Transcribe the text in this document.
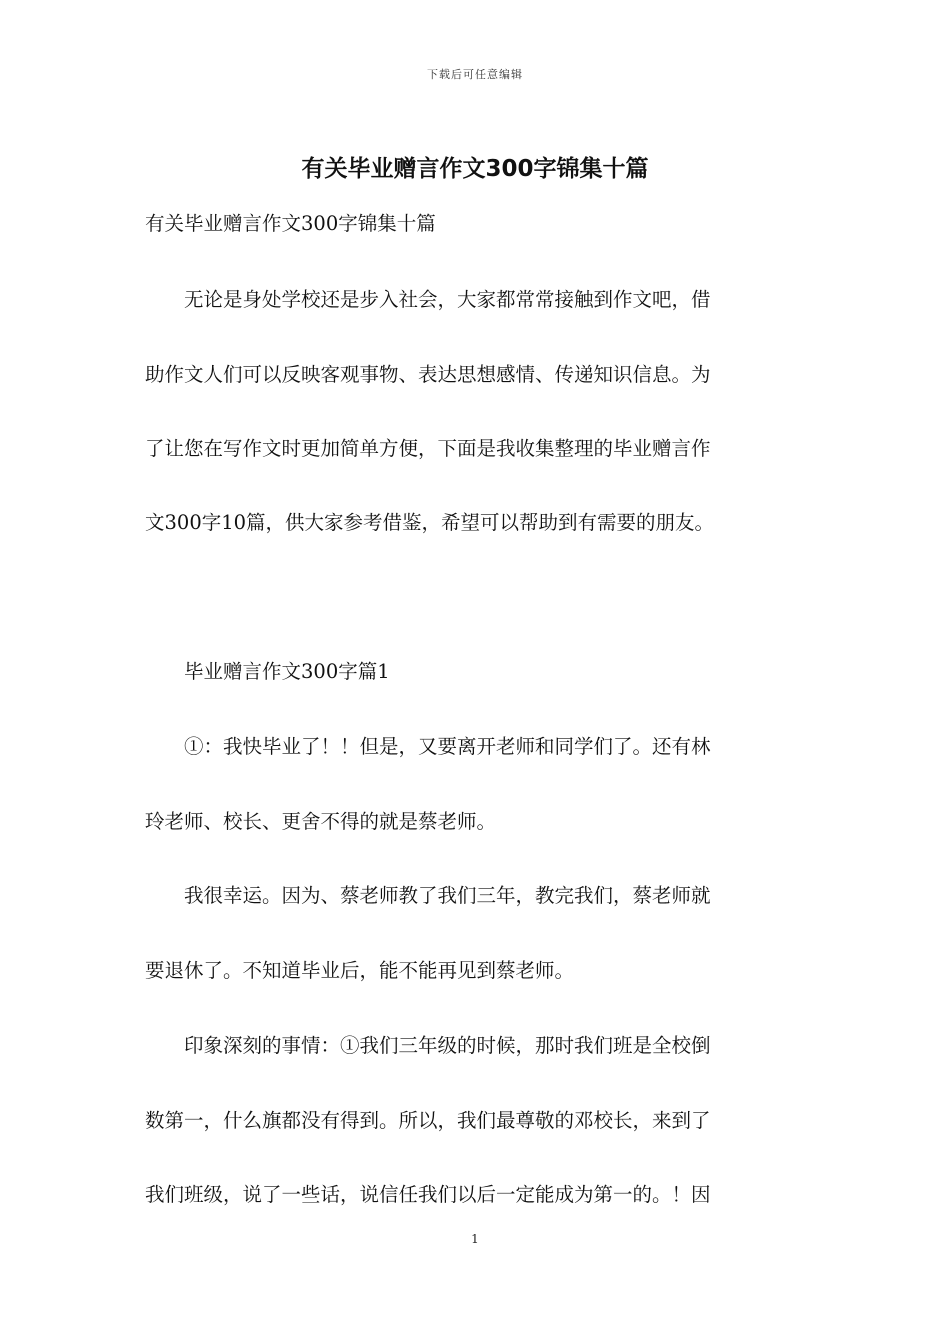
下载后可任意编辑
有关毕业赠言作文300字锦集十篇

有关毕业赠言作文300字锦集十篇

　　无论是身处学校还是步入社会，大家都常常接触到作文吧，借

助作文人们可以反映客观事物、表达思想感情、传递知识信息。为

了让您在写作文时更加简单方便，下面是我收集整理的毕业赠言作

文300字10篇，供大家参考借鉴，希望可以帮助到有需要的朋友。

　　毕业赠言作文300字篇1

　　①：我快毕业了！！但是，又要离开老师和同学们了。还有林

玲老师、校长、更舍不得的就是蔡老师。

　　我很幸运。因为、蔡老师教了我们三年，教完我们，蔡老师就

要退休了。不知道毕业后，能不能再见到蔡老师。

　　印象深刻的事情：①我们三年级的时候，那时我们班是全校倒

数第一，什么旗都没有得到。所以，我们最尊敬的邓校长，来到了

我们班级，说了一些话，说信任我们以后一定能成为第一的。！因

1
